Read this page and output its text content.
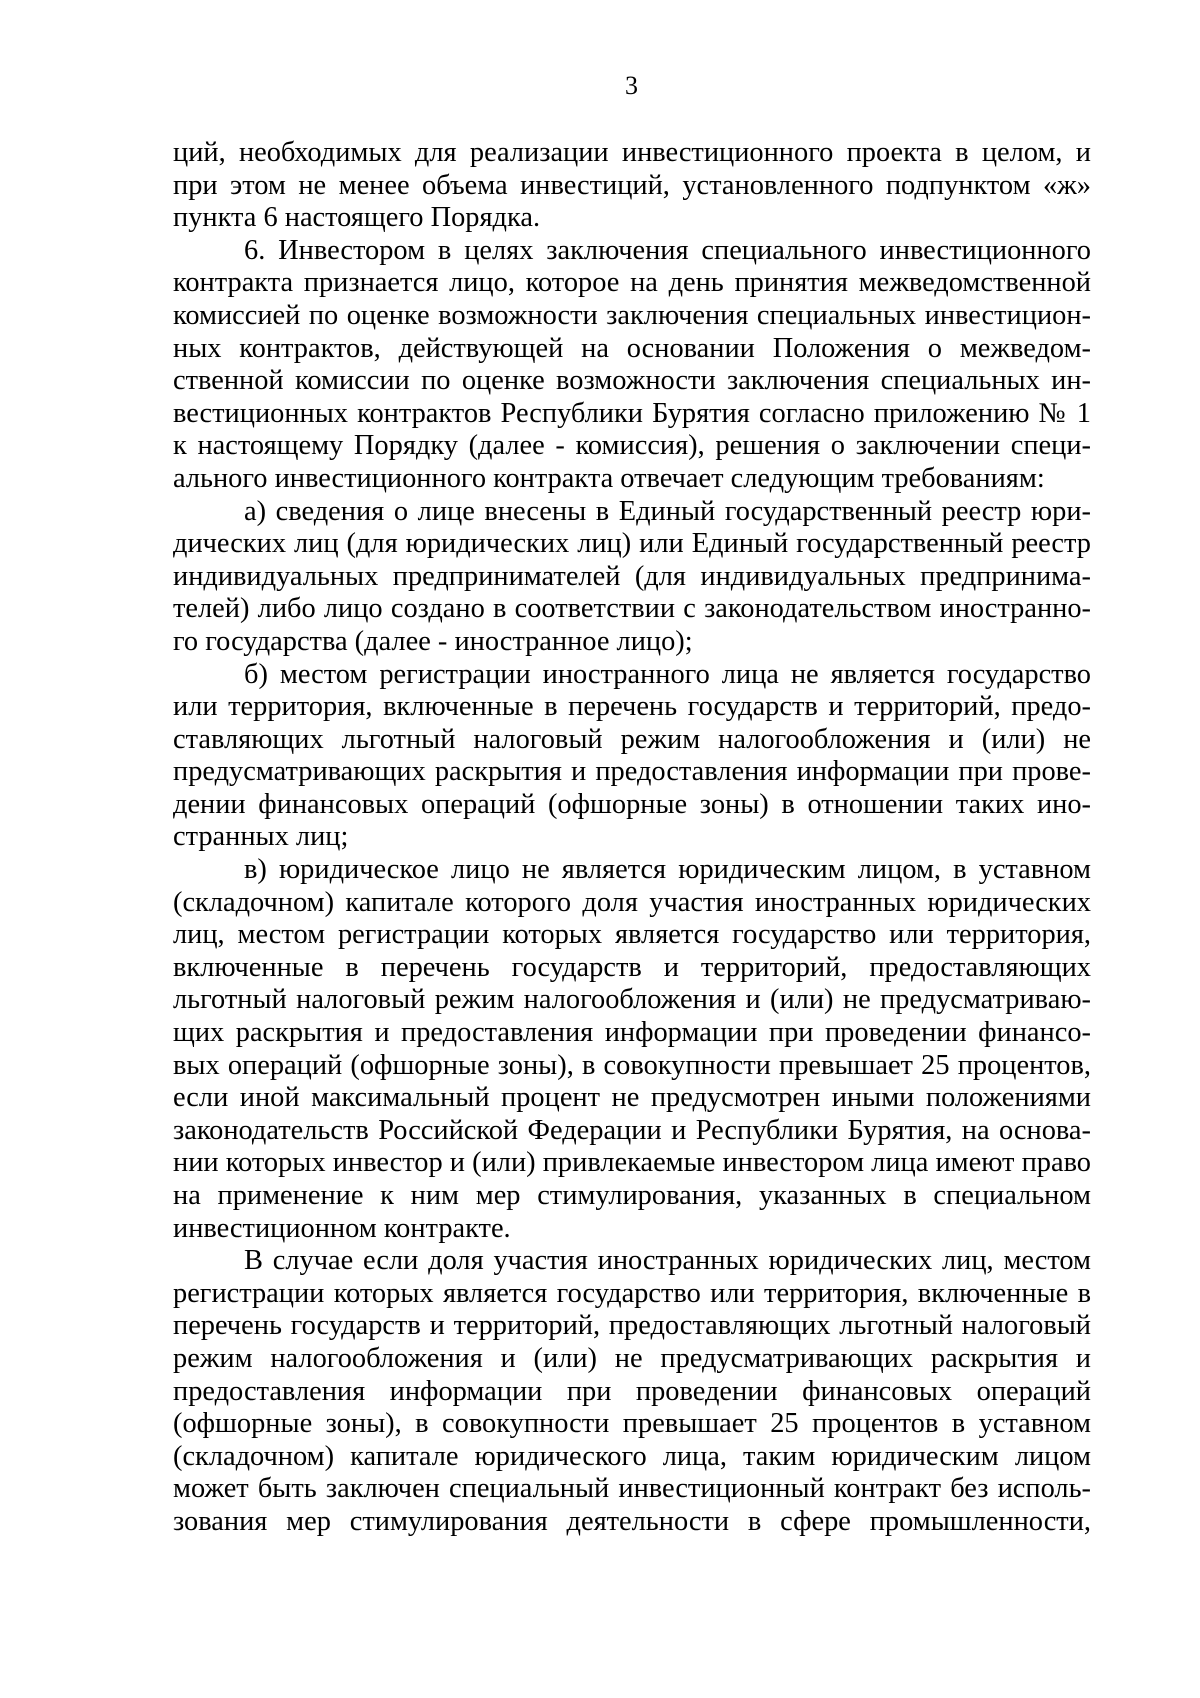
3

ций, необходимых для реализации инвестиционного проекта в целом, и при этом не менее объема инвестиций, установленного подпунктом «ж» пункта 6 настоящего Порядка.

6. Инвестором в целях заключения специального инвестиционного контракта признается лицо, которое на день принятия межведомственной комиссией по оценке возможности заключения специальных инвестиционных контрактов, действующей на основании Положения о межведомственной комиссии по оценке возможности заключения специальных инвестиционных контрактов Республики Бурятия согласно приложению № 1 к настоящему Порядку (далее - комиссия), решения о заключении специального инвестиционного контракта отвечает следующим требованиям:

а) сведения о лице внесены в Единый государственный реестр юридических лиц (для юридических лиц) или Единый государственный реестр индивидуальных предпринимателей (для индивидуальных предпринимателей) либо лицо создано в соответствии с законодательством иностранного государства (далее - иностранное лицо);

б) местом регистрации иностранного лица не является государство или территория, включенные в перечень государств и территорий, предоставляющих льготный налоговый режим налогообложения и (или) не предусматривающих раскрытия и предоставления информации при проведении финансовых операций (офшорные зоны) в отношении таких иностранных лиц;

в) юридическое лицо не является юридическим лицом, в уставном (складочном) капитале которого доля участия иностранных юридических лиц, местом регистрации которых является государство или территория, включенные в перечень государств и территорий, предоставляющих льготный налоговый режим налогообложения и (или) не предусматривающих раскрытия и предоставления информации при проведении финансовых операций (офшорные зоны), в совокупности превышает 25 процентов, если иной максимальный процент не предусмотрен иными положениями законодательств Российской Федерации и Республики Бурятия, на основании которых инвестор и (или) привлекаемые инвестором лица имеют право на применение к ним мер стимулирования, указанных в специальном инвестиционном контракте.

В случае если доля участия иностранных юридических лиц, местом регистрации которых является государство или территория, включенные в перечень государств и территорий, предоставляющих льготный налоговый режим налогообложения и (или) не предусматривающих раскрытия и предоставления информации при проведении финансовых операций (офшорные зоны), в совокупности превышает 25 процентов в уставном (складочном) капитале юридического лица, таким юридическим лицом может быть заключен специальный инвестиционный контракт без использования мер стимулирования деятельности в сфере промышленности,
